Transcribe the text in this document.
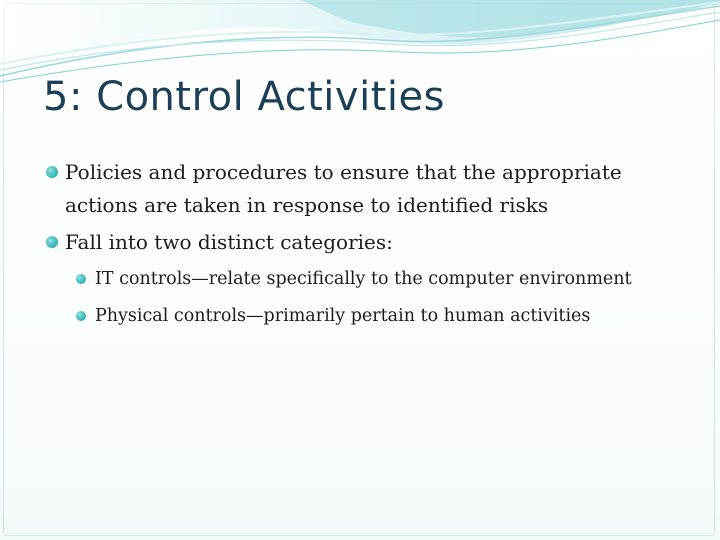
5: Control Activities

Policies and procedures to ensure that the appropriate actions are taken in response to identified risks

Fall into two distinct categories:

IT controls—relate specifically to the computer environment

Physical controls—primarily pertain to human activities
